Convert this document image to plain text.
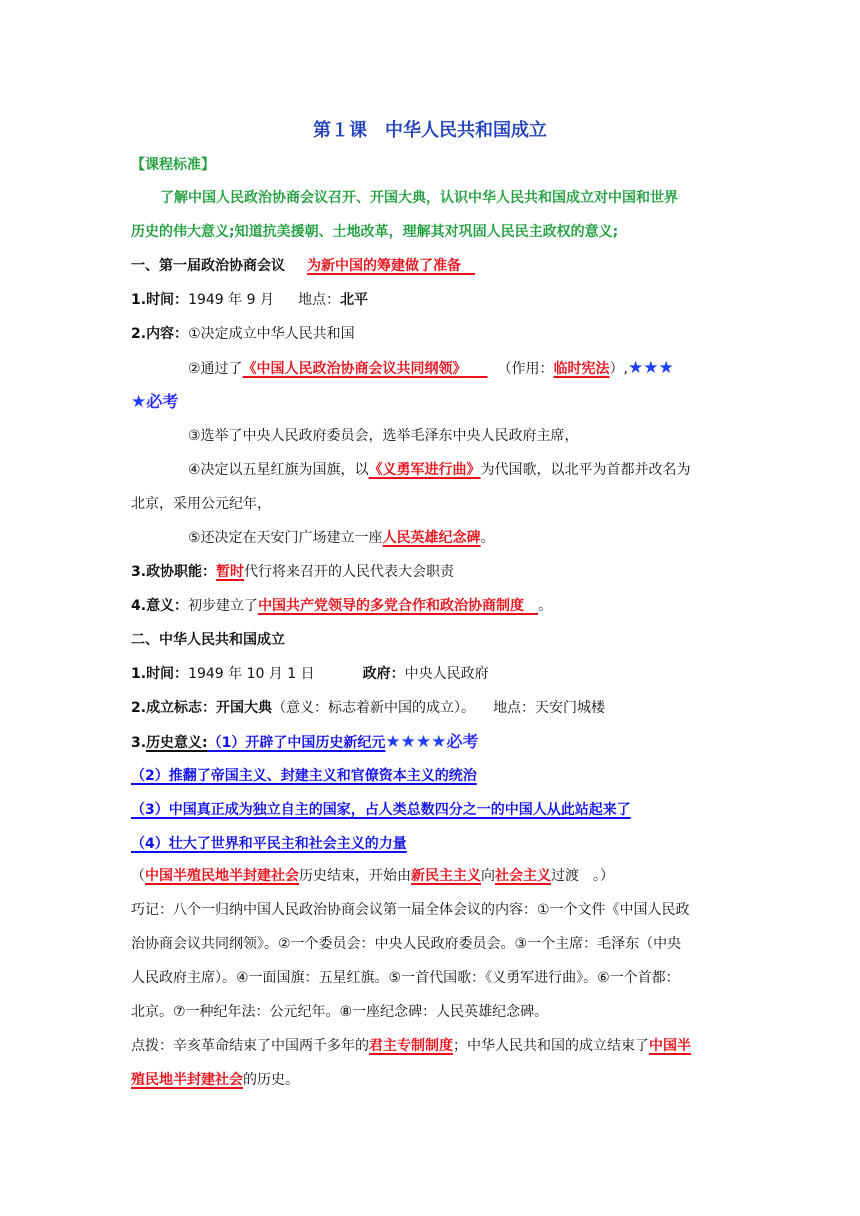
第１课　中华人民共和国成立
【课程标准】
了解中国人民政治协商会议召开、开国大典，认识中华人民共和国成立对中国和世界
历史的伟大意义;知道抗美援朝、土地改革，理解其对巩固人民民主政权的意义;
一、第一届政治协商会议 为新中国的筹建做了准备 
1.时间：1949 年 9 月 地点：北平
2.内容：①决定成立中华人民共和国
②通过了《中国人民政治协商会议共同纲领》   （作用：临时宪法）,★★★
★必考
③选举了中央人民政府委员会，选举毛泽东中央人民政府主席，
④决定以五星红旗为国旗，以《义勇军进行曲》为代国歌，以北平为首都并改名为
北京，采用公元纪年，
⑤还决定在天安门广场建立一座人民英雄纪念碑。
3.政协职能：暂时代行将来召开的人民代表大会职责
4.意义：初步建立了中国共产党领导的多党合作和政治协商制度  。
二、中华人民共和国成立
1.时间：1949 年 10 月 1 日	政府：中央人民政府
2.成立标志：开国大典（意义：标志着新中国的成立）。 地点：天安门城楼
3.历史意义:（1）开辟了中国历史新纪元★★★★必考
（2）推翻了帝国主义、封建主义和官僚资本主义的统治
（3）中国真正成为独立自主的国家，占人类总数四分之一的中国人从此站起来了
（4）壮大了世界和平民主和社会主义的力量
（中国半殖民地半封建社会历史结束，开始由新民主主义向社会主义过渡　。）
巧记：八个一归纳中国人民政治协商会议第一届全体会议的内容：①一个文件《中国人民政
治协商会议共同纲领》。②一个委员会：中央人民政府委员会。③一个主席：毛泽东（中央
人民政府主席）。④一面国旗：五星红旗。⑤一首代国歌：《义勇军进行曲》。⑥一个首都：
北京。⑦一种纪年法：公元纪年。⑧一座纪念碑：人民英雄纪念碑。
点拨：辛亥革命结束了中国两千多年的君主专制制度；中华人民共和国的成立结束了中国半
殖民地半封建社会的历史。
